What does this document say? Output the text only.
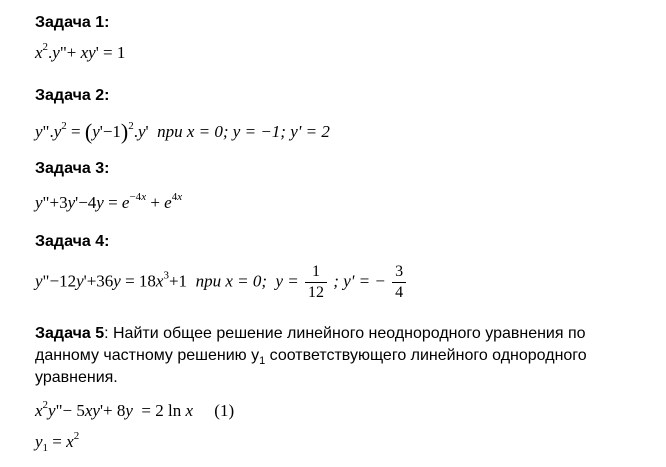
Задача 1:
$x^2.y"+ xy' = 1$
Задача 2:
$y".y^2 = (y'-1)^2.y'$  при x = 0; y = −1; y' = 2
Задача 3:
y"+3y'−4y = $e^{-4x} + e^{4x}$
Задача 4:
y"−12y'+36y = $18x^3+1$  при x = 0; $y = \frac{1}{12}$ ; y' = − $\frac{3}{4}$
Задача 5: Найти общее решение линейного неоднородного уравнения по данному частному решению $y_1$ соответствующего линейного однородного уравнения.
$x^2y"- 5xy'+ 8y = 2$ ln x (1)
$y_1 = x^2$
